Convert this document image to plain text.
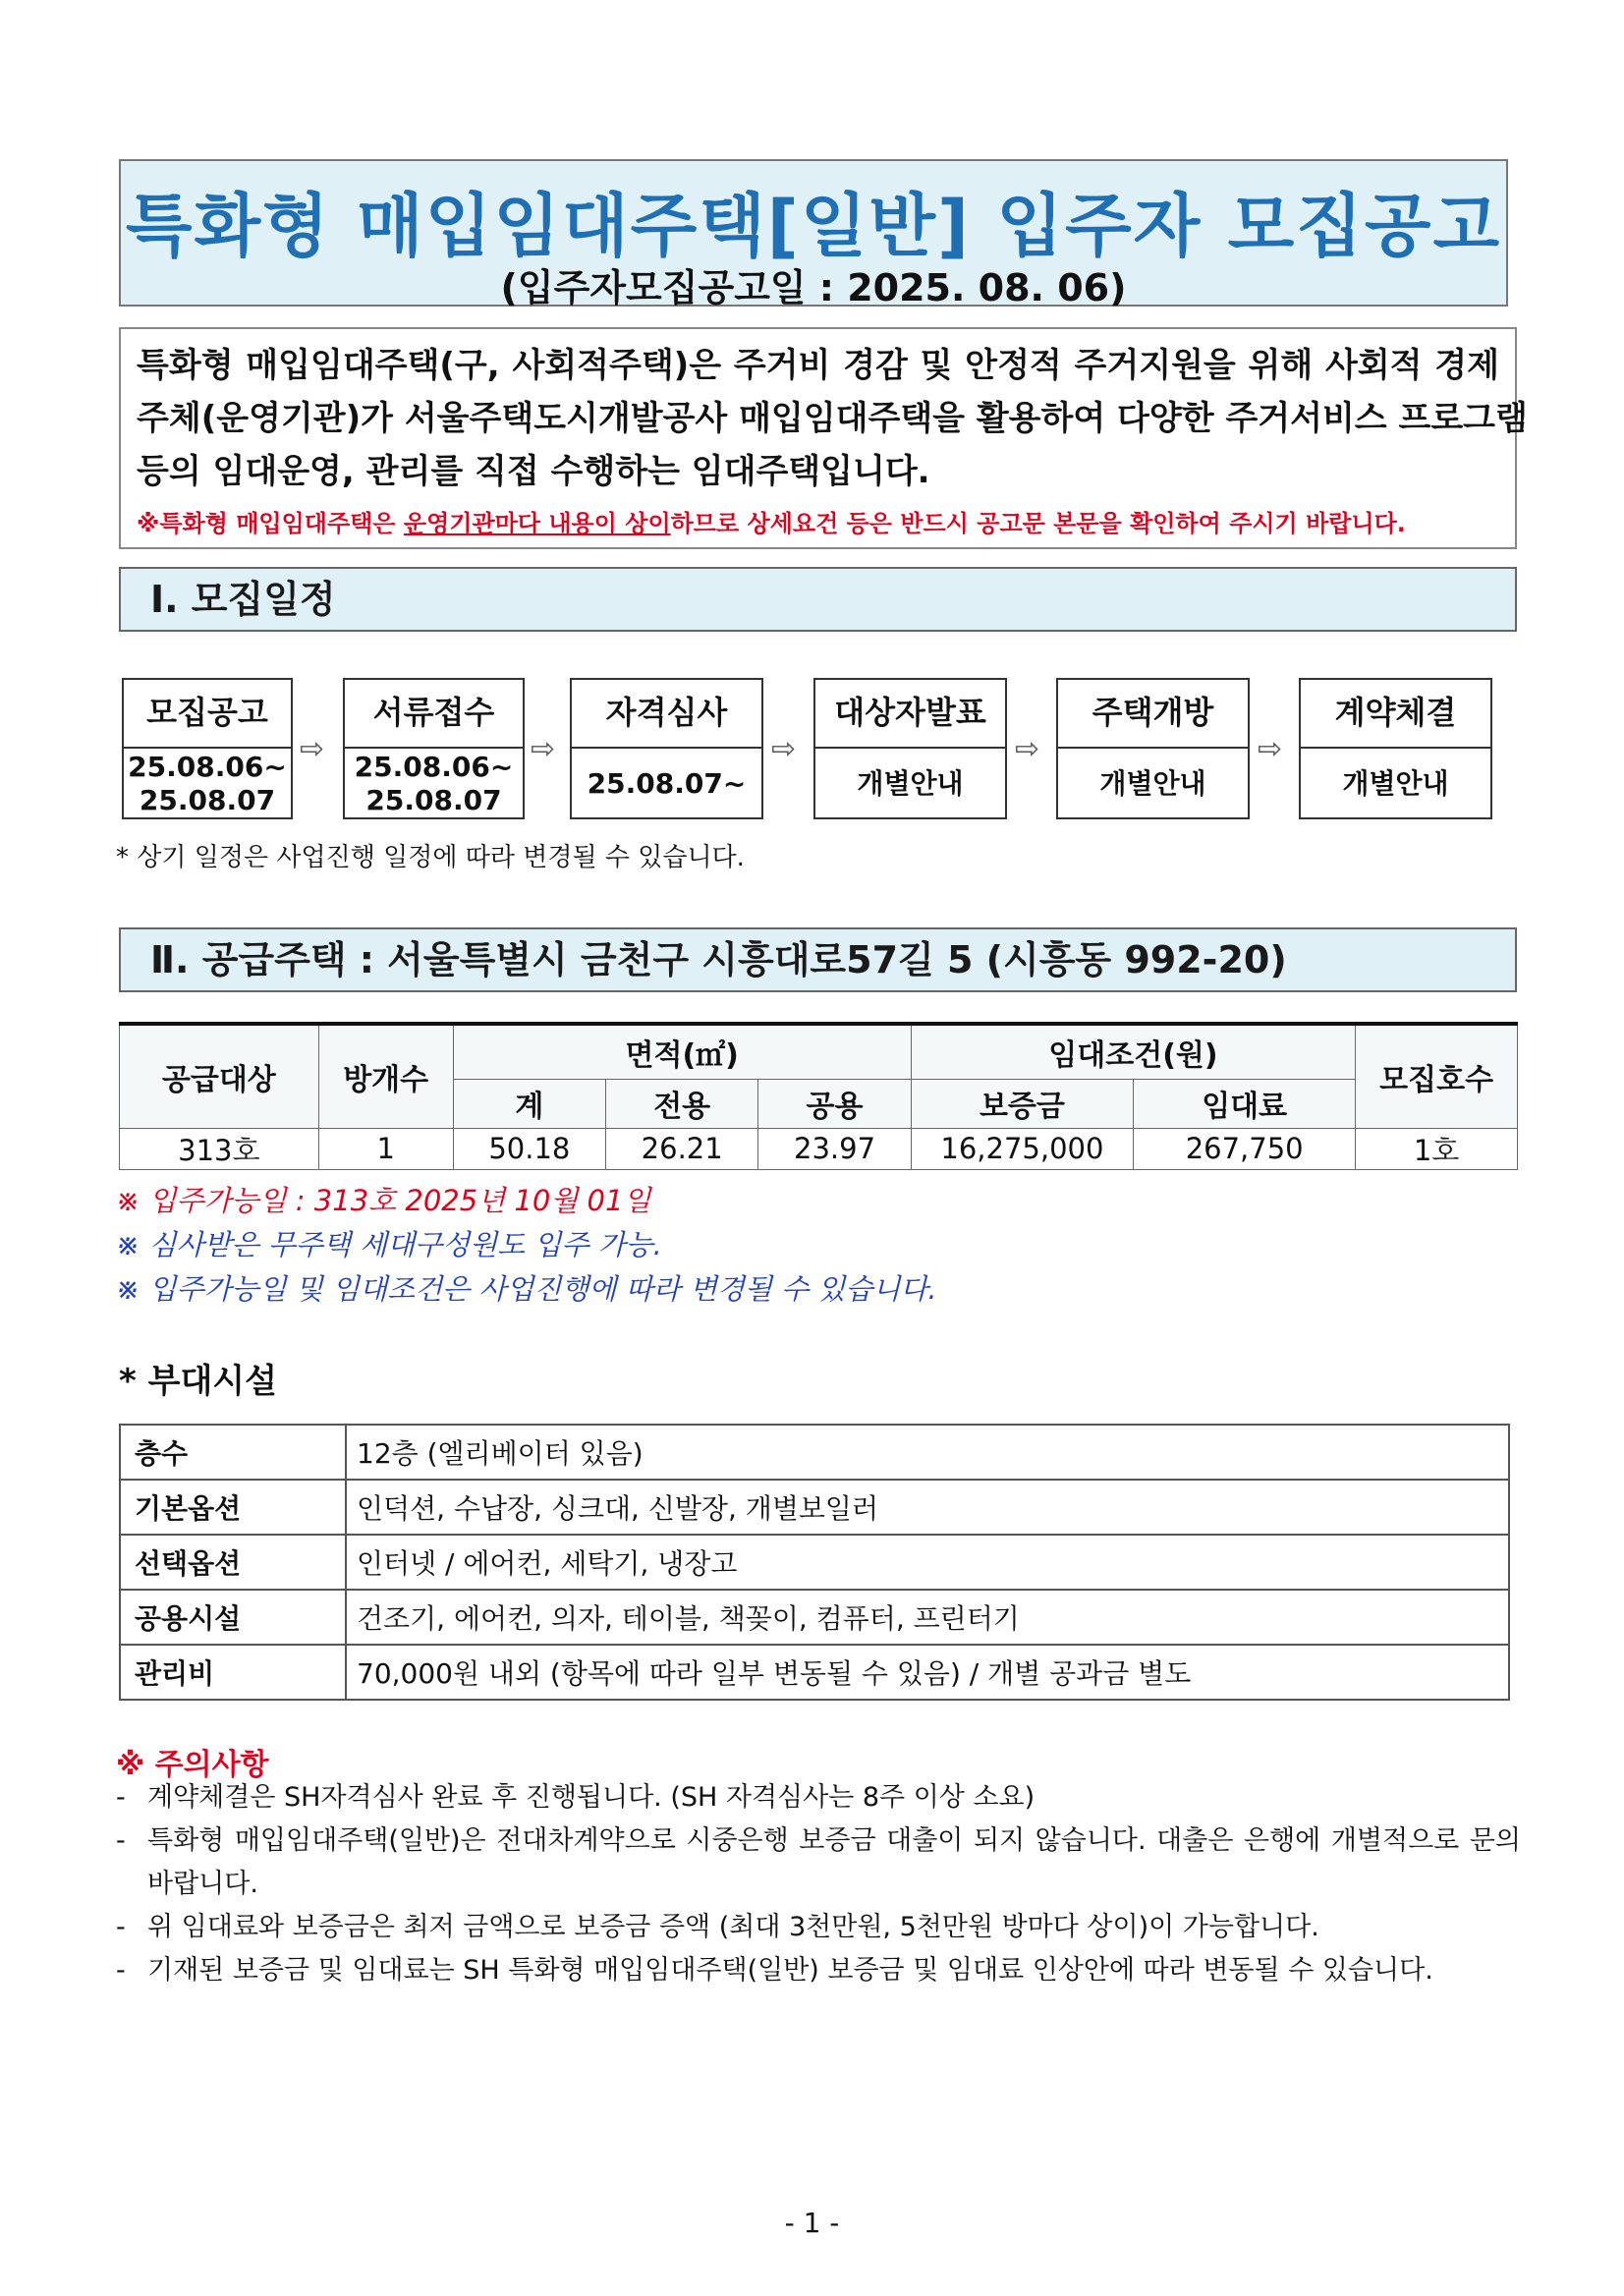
특화형 매입임대주택[일반] 입주자 모집공고
(입주자모집공고일 : 2025. 08. 06)
특화형 매입임대주택(구, 사회적주택)은 주거비 경감 및 안정적 주거지원을 위해 사회적 경제
주체(운영기관)가 서울주택도시개발공사 매입임대주택을 활용하여 다양한 주거서비스 프로그램
등의 임대운영, 관리를 직접 수행하는 임대주택입니다.
※특화형 매입임대주택은 운영기관마다 내용이 상이하므로 상세요건 등은 반드시 공고문 본문을 확인하여 주시기 바랍니다.
Ⅰ. 모집일정
모집공고
25.08.06~
25.08.07
⇨
서류접수
25.08.06~
25.08.07
⇨
자격심사
25.08.07~
⇨
대상자발표
개별안내
⇨
주택개방
개별안내
⇨
계약체결
개별안내
* 상기 일정은 사업진행 일정에 따라 변경될 수 있습니다.
Ⅱ. 공급주택 : 서울특별시 금천구 시흥대로57길 5 (시흥동 992-20)
공급대상	방개수	면적(㎡)			임대조건(원)		모집호수
		계	전용	공용	보증금	임대료	
313호	1	50.18	26.21	23.97	16,275,000	267,750	1호
※ 입주가능일 : 313호 2025년 10월 01일
※ 심사받은 무주택 세대구성원도 입주 가능.
※ 입주가능일 및 임대조건은 사업진행에 따라 변경될 수 있습니다.
* 부대시설
층수	12층 (엘리베이터 있음)
기본옵션	인덕션, 수납장, 싱크대, 신발장, 개별보일러
선택옵션	인터넷 / 에어컨, 세탁기, 냉장고
공용시설	건조기, 에어컨, 의자, 테이블, 책꽂이, 컴퓨터, 프린터기
관리비	70,000원 내외 (항목에 따라 일부 변동될 수 있음) / 개별 공과금 별도
※ 주의사항
- 계약체결은 SH자격심사 완료 후 진행됩니다. (SH 자격심사는 8주 이상 소요)
- 특화형 매입임대주택(일반)은 전대차계약으로 시중은행 보증금 대출이 되지 않습니다. 대출은 은행에 개별적으로 문의바랍니다.
- 위 임대료와 보증금은 최저 금액으로 보증금 증액 (최대 3천만원, 5천만원 방마다 상이)이 가능합니다.
- 기재된 보증금 및 임대료는 SH 특화형 매입임대주택(일반) 보증금 및 임대료 인상안에 따라 변동될 수 있습니다.
- 1 -
